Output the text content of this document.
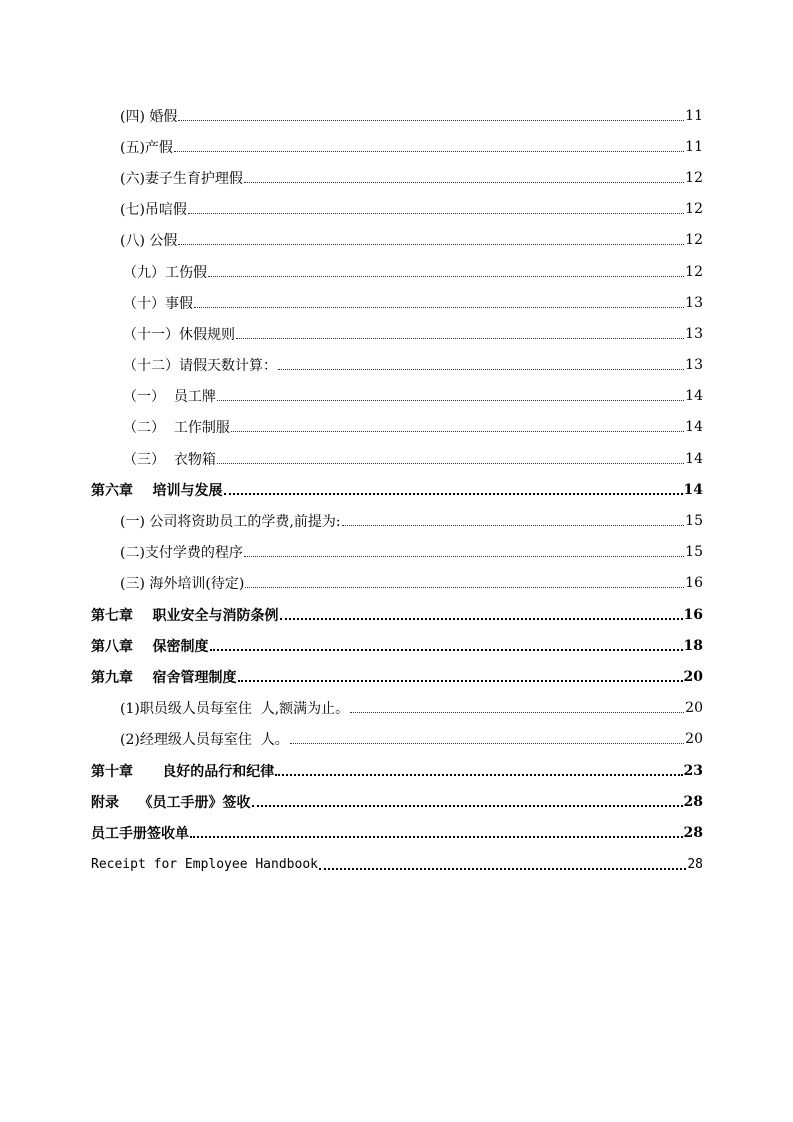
(四) 婚假	11
(五)产假	11
(六)妻子生育护理假	12
(七)吊唁假	12
(八) 公假	12
（九）工伤假	12
（十）事假	13
（十一）休假规则	13
（十二）请假天数计算：	13
（一）  员工牌	14
（二）  工作制服	14
（三）  衣物箱	14
第六章    培训与发展	14
(一) 公司将资助员工的学费,前提为:	15
(二)支付学费的程序	15
(三) 海外培训(待定)	16
第七章    职业安全与消防条例	16
第八章    保密制度	18
第九章    宿舍管理制度	20
(1)职员级人员每室住  人,额满为止。	20
(2)经理级人员每室住  人。	20
第十章      良好的品行和纪律	23
附录    《员工手册》签收	28
员工手册签收单	28
Receipt for Employee Handbook	28
